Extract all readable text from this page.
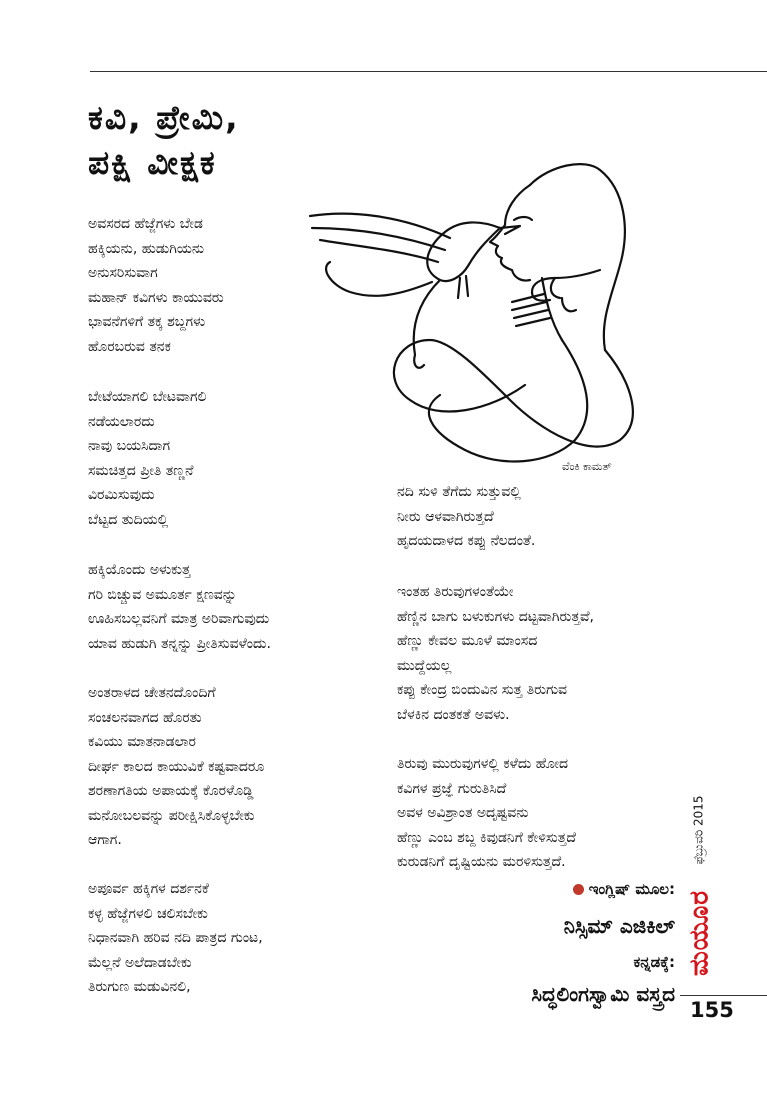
ಕವಿ, ಪ್ರೇಮಿ,
ಪಕ್ಷಿ ವೀಕ್ಷಕ
ಅವಸರದ ಹೆಜ್ಜೆಗಳು ಬೇಡ
ಹಕ್ಕಿಯನು, ಹುಡುಗಿಯನು
ಅನುಸರಿಸುವಾಗ
ಮಹಾನ್ ಕವಿಗಳು ಕಾಯುವರು
ಭಾವನೆಗಳಿಗೆ ತಕ್ಕ ಶಬ್ದಗಳು
ಹೊರಬರುವ ತನಕ
ಬೇಟೆಯಾಗಲಿ ಬೇಟವಾಗಲಿ
ನಡೆಯಲಾರದು
ನಾವು ಬಯಸಿದಾಗ
ಸಮಚಿತ್ತದ ಪ್ರೀತಿ ತಣ್ಣನೆ
ವಿರಮಿಸುವುದು
ಬೆಟ್ಟದ ತುದಿಯಲ್ಲಿ
ಹಕ್ಕಿಯೊಂದು ಅಳುಕುತ್ತ
ಗರಿ ಬಿಚ್ಚುವ ಅಮೂರ್ತ ಕ್ಷಣವನ್ನು
ಊಹಿಸಬಲ್ಲವನಿಗೆ ಮಾತ್ರ ಅರಿವಾಗುವುದು
ಯಾವ ಹುಡುಗಿ ತನ್ನನ್ನು ಪ್ರೀತಿಸುವಳೆಂದು.
ಅಂತರಾಳದ ಚೇತನದೊಂದಿಗೆ
ಸಂಚಲನವಾಗದ ಹೊರತು
ಕವಿಯು ಮಾತನಾಡಲಾರ
ದೀರ್ಘ ಕಾಲದ ಕಾಯುವಿಕೆ ಕಷ್ಟವಾದರೂ
ಶರಣಾಗತಿಯ ಅಪಾಯಕ್ಕೆ ಕೊರಳೊಡ್ಡಿ
ಮನೋಬಲವನ್ನು ಪರೀಕ್ಷಿಸಿಕೊಳ್ಳಬೇಕು
ಆಗಾಗ.
ಅಪೂರ್ವ ಹಕ್ಕಿಗಳ ದರ್ಶನಕೆ
ಕಳ್ಳ ಹೆಜ್ಜೆಗಳಲಿ ಚಲಿಸಬೇಕು
ನಿಧಾನವಾಗಿ ಹರಿವ ನದಿ ಪಾತ್ರದ ಗುಂಟ,
ಮೆಲ್ಲನೆ ಅಲೆದಾಡಬೇಕು
ತಿರುಗುಣ ಮಡುವಿನಲಿ,
ವೆಂಕಿ ಕಾಮತ್
ನದಿ ಸುಳಿ ತೆಗೆದು ಸುತ್ತುವಲ್ಲಿ
ನೀರು ಆಳವಾಗಿರುತ್ತದೆ
ಹೃದಯದಾಳದ ಕಪ್ಪು ನೆಲದಂತೆ.
ಇಂತಹ ತಿರುವುಗಳಂತೆಯೇ
ಹೆಣ್ಣಿನ ಬಾಗು ಬಳುಕುಗಳು ದಟ್ಟವಾಗಿರುತ್ತವೆ,
ಹೆಣ್ಣು ಕೇವಲ ಮೂಳೆ ಮಾಂಸದ
ಮುದ್ದೆಯಲ್ಲ
ಕಪ್ಪು ಕೇಂದ್ರ ಬಿಂದುವಿನ ಸುತ್ತ ತಿರುಗುವ
ಬೆಳಕಿನ ದಂತಕತೆ ಅವಳು.
ತಿರುವು ಮುರುವುಗಳಲ್ಲಿ ಕಳೆದು ಹೋದ
ಕವಿಗಳ ಪ್ರಜ್ಞೆ ಗುರುತಿಸಿದೆ
ಅವಳ ಅವಿಶ್ರಾಂತ ಅದೃಷ್ಟವನು
ಹೆಣ್ಣು ಎಂಬ ಶಬ್ದ ಕಿವುಡನಿಗೆ ಕೇಳಿಸುತ್ತದೆ
ಕುರುಡನಿಗೆ ದೃಷ್ಟಿಯನು ಮರಳಿಸುತ್ತದೆ.
ಇಂಗ್ಲಿಷ್ ಮೂಲ:
ನಿಸ್ಸಿಮ್ ಎಜಿಕಿಲ್
ಕನ್ನಡಕ್ಕೆ:
ಸಿದ್ಧಲಿಂಗಸ್ವಾಮಿ ವಸ್ತ್ರದ
ಫೆಬ್ರುವರಿ 2015
ಮಯೂರ
155
